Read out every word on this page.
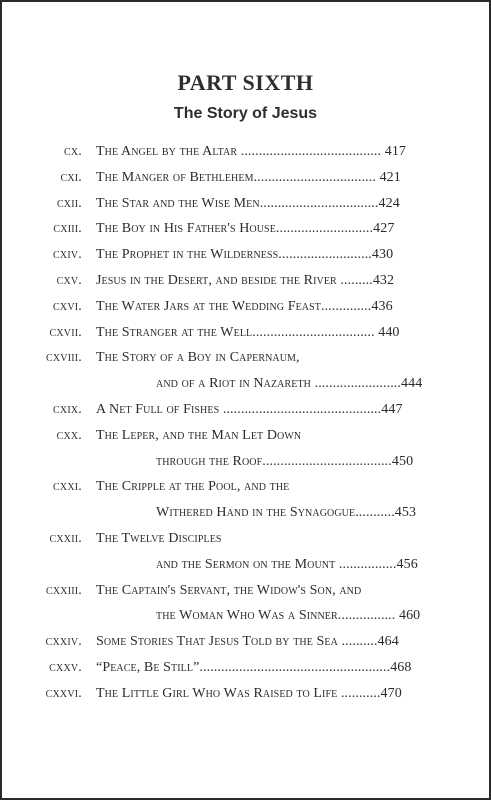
PART SIXTH
The Story of Jesus
cx. The Angel by the Altar ....................................... 417
cxi. The Manger of Bethlehem.................................. 421
cxii. The Star and the Wise Men.................................424
cxiii. The Boy in His Father's House...........................427
cxiv. The Prophet in the Wilderness..........................430
cxv. Jesus in the Desert, and beside the River .........432
cxvi. The Water Jars at the Wedding Feast..............436
cxvii. The Stranger at the Well.................................. 440
cxviii. The Story of a Boy in Capernaum,
and of a Riot in Nazareth ........................444
cxix. A Net Full of Fishes ............................................447
cxx. The Leper, and the Man Let Down
through the Roof....................................450
cxxi. The Cripple at the Pool, and the
Withered Hand in the Synagogue...........453
cxxii. The Twelve Disciples
and the Sermon on the Mount ................456
cxxiii. The Captain's Servant, the Widow's Son, and
the Woman Who Was a Sinner................ 460
cxxiv. Some Stories That Jesus Told by the Sea ..........464
cxxv. “Peace, Be Still”.....................................................468
cxxvi. The Little Girl Who Was Raised to Life ...........470
